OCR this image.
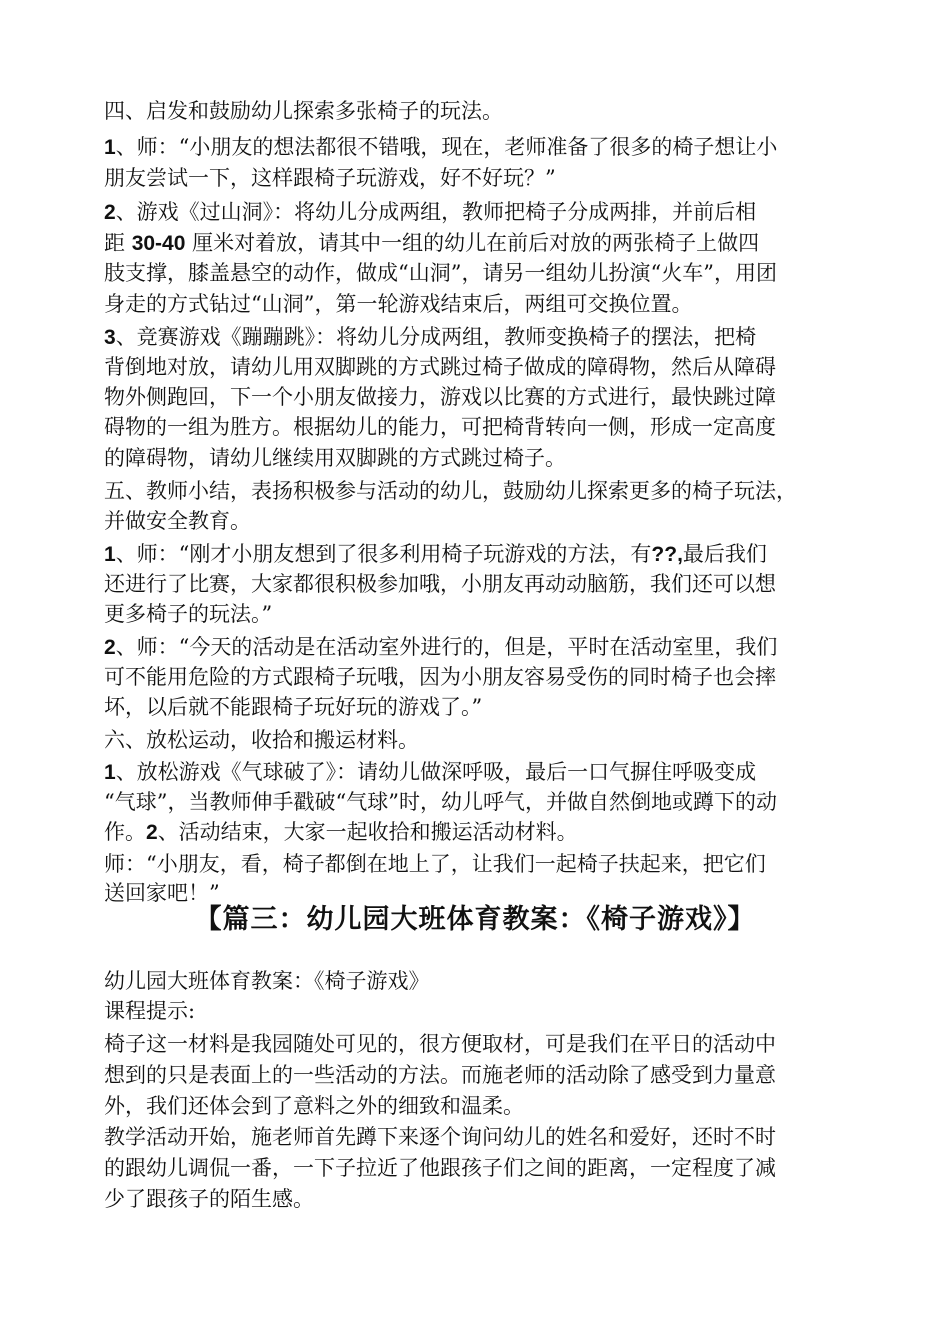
四、启发和鼓励幼儿探索多张椅子的玩法。

1、师：“小朋友的想法都很不错哦，现在，老师准备了很多的椅子想让小

朋友尝试一下，这样跟椅子玩游戏，好不好玩？”

2、游戏《过山洞》：将幼儿分成两组，教师把椅子分成两排，并前后相

距 30-40 厘米对着放，请其中一组的幼儿在前后对放的两张椅子上做四

肢支撑，膝盖悬空的动作，做成“山洞”，请另一组幼儿扮演“火车”，用团

身走的方式钻过“山洞”，第一轮游戏结束后，两组可交换位置。

3、竞赛游戏《蹦蹦跳》：将幼儿分成两组，教师变换椅子的摆法，把椅

背倒地对放，请幼儿用双脚跳的方式跳过椅子做成的障碍物，然后从障碍

物外侧跑回，下一个小朋友做接力，游戏以比赛的方式进行，最快跳过障

碍物的一组为胜方。根据幼儿的能力，可把椅背转向一侧，形成一定高度

的障碍物，请幼儿继续用双脚跳的方式跳过椅子。

五、教师小结，表扬积极参与活动的幼儿，鼓励幼儿探索更多的椅子玩法，

并做安全教育。

1、师：“刚才小朋友想到了很多利用椅子玩游戏的方法，有??,最后我们

还进行了比赛，大家都很积极参加哦，小朋友再动动脑筋，我们还可以想

更多椅子的玩法。”

2、师：“今天的活动是在活动室外进行的，但是，平时在活动室里，我们

可不能用危险的方式跟椅子玩哦，因为小朋友容易受伤的同时椅子也会摔

坏，以后就不能跟椅子玩好玩的游戏了。”

六、放松运动，收拾和搬运材料。

1、放松游戏《气球破了》：请幼儿做深呼吸，最后一口气摒住呼吸变成

“气球”，当教师伸手戳破“气球”时，幼儿呼气，并做自然倒地或蹲下的动

作。2、活动结束，大家一起收拾和搬运活动材料。

师：“小朋友，看，椅子都倒在地上了，让我们一起椅子扶起来，把它们

送回家吧！”

【篇三：幼儿园大班体育教案：《椅子游戏》】

幼儿园大班体育教案：《椅子游戏》

课程提示:

椅子这一材料是我园随处可见的，很方便取材，可是我们在平日的活动中

想到的只是表面上的一些活动的方法。而施老师的活动除了感受到力量意

外，我们还体会到了意料之外的细致和温柔。

教学活动开始，施老师首先蹲下来逐个询问幼儿的姓名和爱好，还时不时

的跟幼儿调侃一番，一下子拉近了他跟孩子们之间的距离，一定程度了减

少了跟孩子的陌生感。
